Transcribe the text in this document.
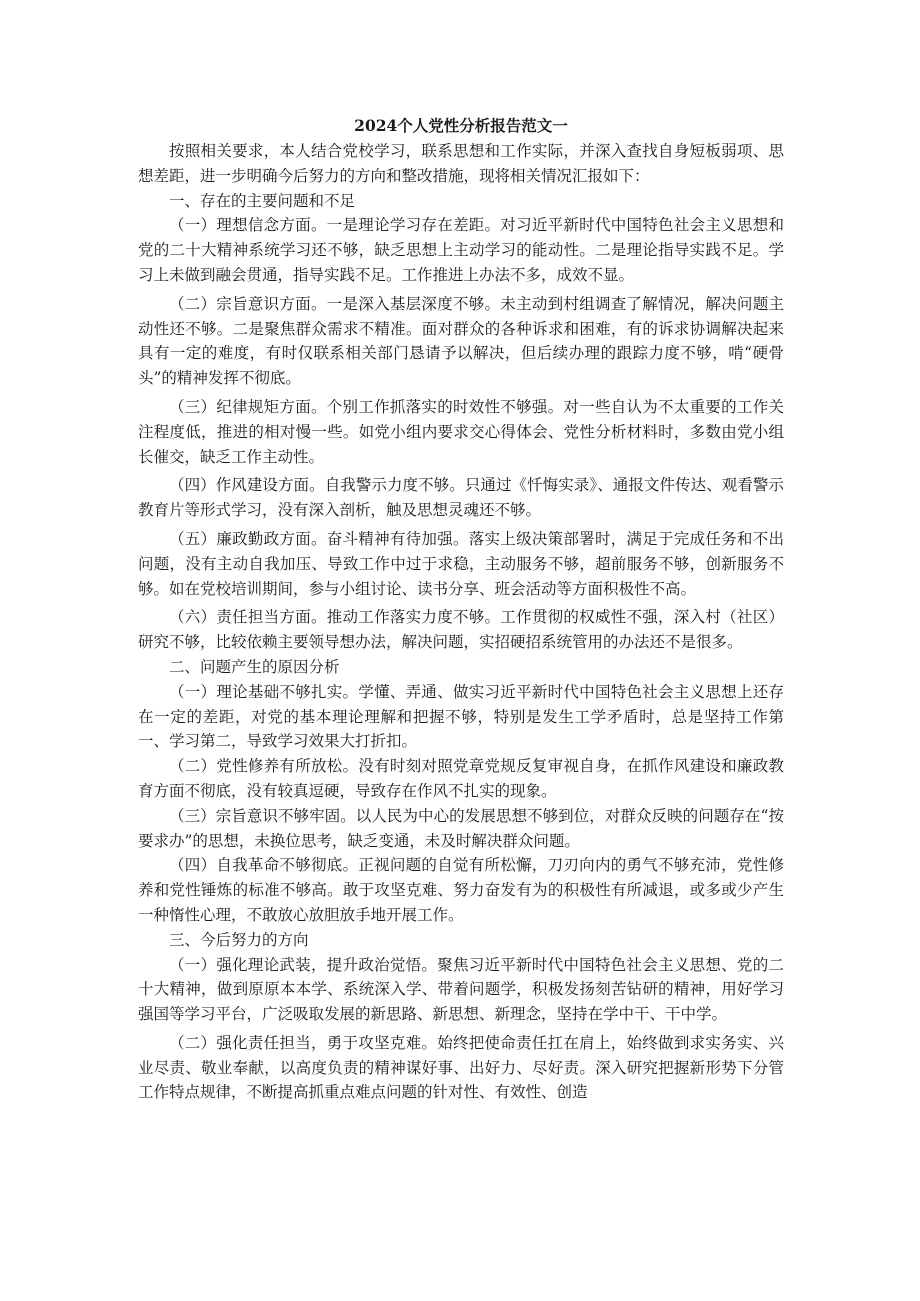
2024个人党性分析报告范文一

按照相关要求，本人结合党校学习，联系思想和工作实际，并深入查找自身短板弱项、思想差距，进一步明确今后努力的方向和整改措施，现将相关情况汇报如下：

一、存在的主要问题和不足

（一）理想信念方面。一是理论学习存在差距。对习近平新时代中国特色社会主义思想和党的二十大精神系统学习还不够，缺乏思想上主动学习的能动性。二是理论指导实践不足。学习上未做到融会贯通，指导实践不足。工作推进上办法不多，成效不显。

（二）宗旨意识方面。一是深入基层深度不够。未主动到村组调查了解情况，解决问题主动性还不够。二是聚焦群众需求不精准。面对群众的各种诉求和困难，有的诉求协调解决起来具有一定的难度，有时仅联系相关部门恳请予以解决，但后续办理的跟踪力度不够，啃“硬骨头”的精神发挥不彻底。

（三）纪律规矩方面。个别工作抓落实的时效性不够强。对一些自认为不太重要的工作关注程度低，推进的相对慢一些。如党小组内要求交心得体会、党性分析材料时，多数由党小组长催交，缺乏工作主动性。

（四）作风建设方面。自我警示力度不够。只通过《忏悔实录》、通报文件传达、观看警示教育片等形式学习，没有深入剖析，触及思想灵魂还不够。

（五）廉政勤政方面。奋斗精神有待加强。落实上级决策部署时，满足于完成任务和不出问题，没有主动自我加压、导致工作中过于求稳，主动服务不够，超前服务不够，创新服务不够。如在党校培训期间，参与小组讨论、读书分享、班会活动等方面积极性不高。

（六）责任担当方面。推动工作落实力度不够。工作贯彻的权威性不强，深入村（社区）研究不够，比较依赖主要领导想办法，解决问题，实招硬招系统管用的办法还不是很多。

二、问题产生的原因分析

（一）理论基础不够扎实。学懂、弄通、做实习近平新时代中国特色社会主义思想上还存在一定的差距，对党的基本理论理解和把握不够，特别是发生工学矛盾时，总是坚持工作第一、学习第二，导致学习效果大打折扣。

（二）党性修养有所放松。没有时刻对照党章党规反复审视自身，在抓作风建设和廉政教育方面不彻底，没有较真逗硬，导致存在作风不扎实的现象。

（三）宗旨意识不够牢固。以人民为中心的发展思想不够到位，对群众反映的问题存在“按要求办”的思想，未换位思考，缺乏变通，未及时解决群众问题。

（四）自我革命不够彻底。正视问题的自觉有所松懈，刀刃向内的勇气不够充沛，党性修养和党性锤炼的标准不够高。敢于攻坚克难、努力奋发有为的积极性有所减退，或多或少产生一种惰性心理，不敢放心放胆放手地开展工作。

三、今后努力的方向

（一）强化理论武装，提升政治觉悟。聚焦习近平新时代中国特色社会主义思想、党的二十大精神，做到原原本本学、系统深入学、带着问题学，积极发扬刻苦钻研的精神，用好学习强国等学习平台，广泛吸取发展的新思路、新思想、新理念，坚持在学中干、干中学。

（二）强化责任担当，勇于攻坚克难。始终把使命责任扛在肩上，始终做到求实务实、兴业尽责、敬业奉献，以高度负责的精神谋好事、出好力、尽好责。深入研究把握新形势下分管工作特点规律，不断提高抓重点难点问题的针对性、有效性、创造
